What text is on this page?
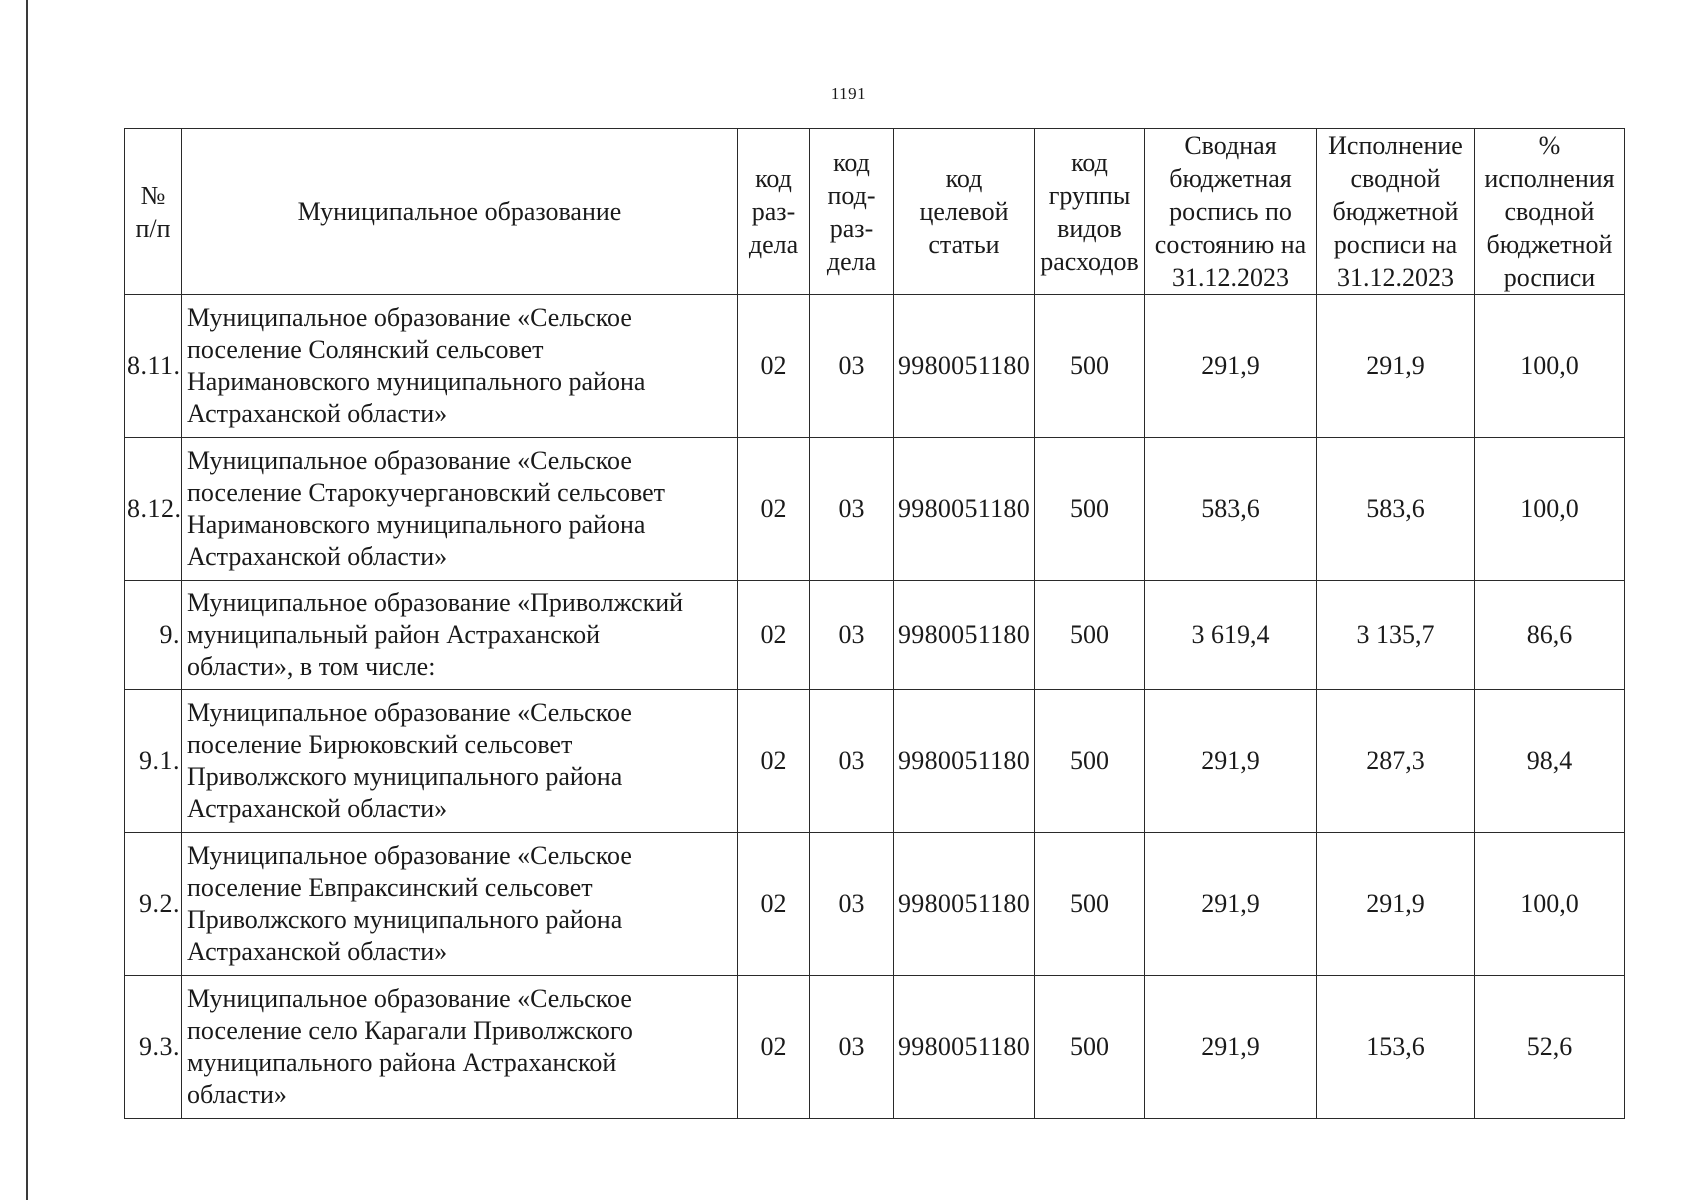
1191
№
п/п	Муниципальное образование	код
раз-
дела	код
под-
раз-
дела	код
целевой
статьи	код
группы
видов
расходов	Сводная
бюджетная
роспись по
состоянию на
31.12.2023	Исполнение
сводной
бюджетной
росписи на
31.12.2023	%
исполнения
сводной
бюджетной
росписи
8.11.	Муниципальное образование «Сельское
поселение Солянский сельсовет
Наримановского муниципального района
Астраханской области»	02	03	9980051180	500	291,9	291,9	100,0
8.12.	Муниципальное образование «Сельское
поселение Старокучергановский сельсовет
Наримановского муниципального района
Астраханской области»	02	03	9980051180	500	583,6	583,6	100,0
9.	Муниципальное образование «Приволжский
муниципальный район Астраханской
области», в том числе:	02	03	9980051180	500	3 619,4	3 135,7	86,6
9.1.	Муниципальное образование «Сельское
поселение Бирюковский сельсовет
Приволжского муниципального района
Астраханской области»	02	03	9980051180	500	291,9	287,3	98,4
9.2.	Муниципальное образование «Сельское
поселение Евпраксинский сельсовет
Приволжского муниципального района
Астраханской области»	02	03	9980051180	500	291,9	291,9	100,0
9.3.	Муниципальное образование «Сельское
поселение село Карагали Приволжского
муниципального района Астраханской
области»	02	03	9980051180	500	291,9	153,6	52,6
